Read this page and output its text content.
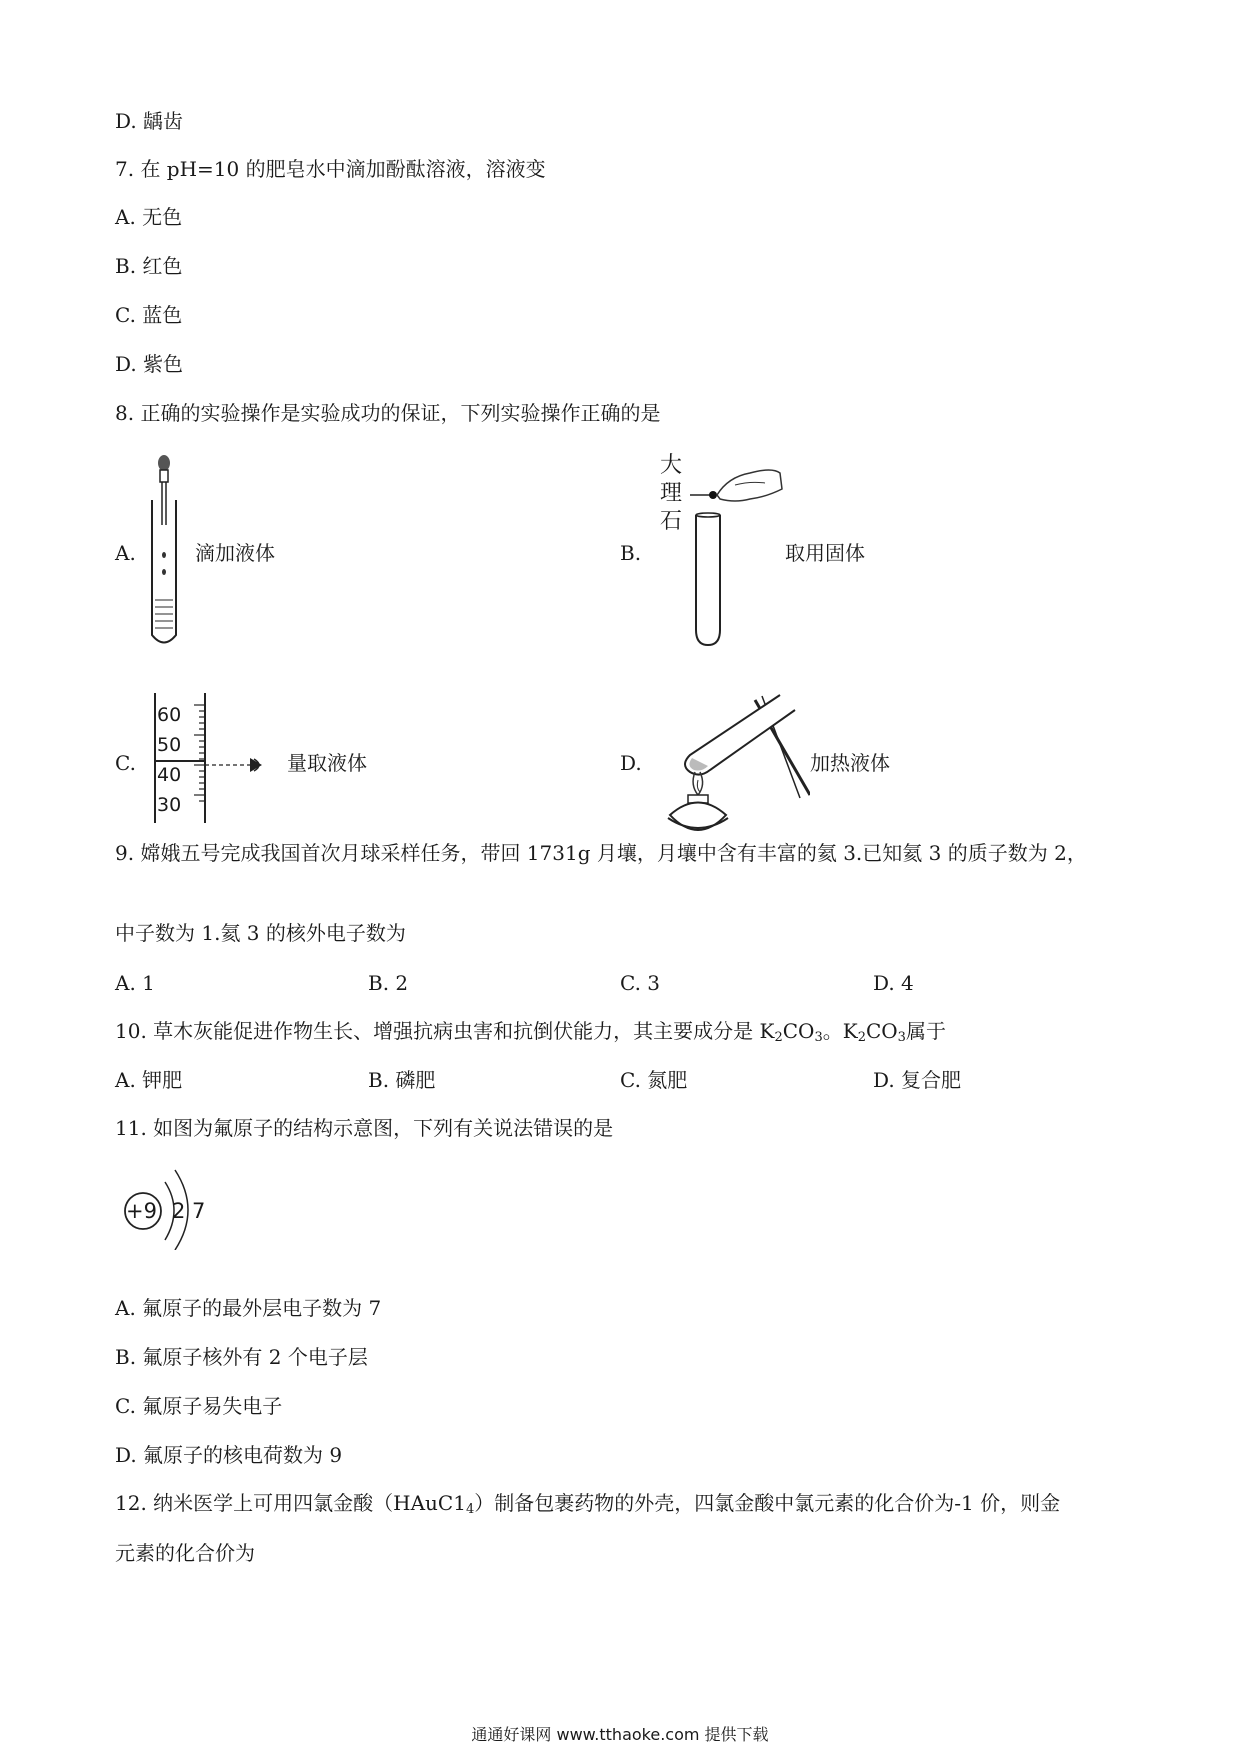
D. 龋齿
7. 在 pH=10 的肥皂水中滴加酚酞溶液，溶液变
A. 无色
B. 红色
C. 蓝色
D. 紫色
8. 正确的实验操作是实验成功的保证，下列实验操作正确的是
A.	滴加液体	B.
大
理
石
取用固体
C.
60
50
40
30
量取液体	D.	加热液体
9. 嫦娥五号完成我国首次月球采样任务，带回 1731g 月壤，月壤中含有丰富的氦 3.已知氦 3 的质子数为 2，
中子数为 1.氦 3 的核外电子数为
A. 1	B. 2	C. 3	D. 4
10. 草木灰能促进作物生长、增强抗病虫害和抗倒伏能力，其主要成分是 $K_2CO_3$。$K_2CO_3$属于
A. 钾肥	B. 磷肥	C. 氮肥	D. 复合肥
11. 如图为氟原子的结构示意图，下列有关说法错误的是
+9 2 7
A. 氟原子的最外层电子数为 7
B. 氟原子核外有 2 个电子层
C. 氟原子易失电子
D. 氟原子的核电荷数为 9
12. 纳米医学上可用四氯金酸$(HAuC1_4)$制备包裹药物的外壳，四氯金酸中氯元素的化合价为-1 价，则金
元素的化合价为
通通好课网 www.tthaoke.com 提供下载
